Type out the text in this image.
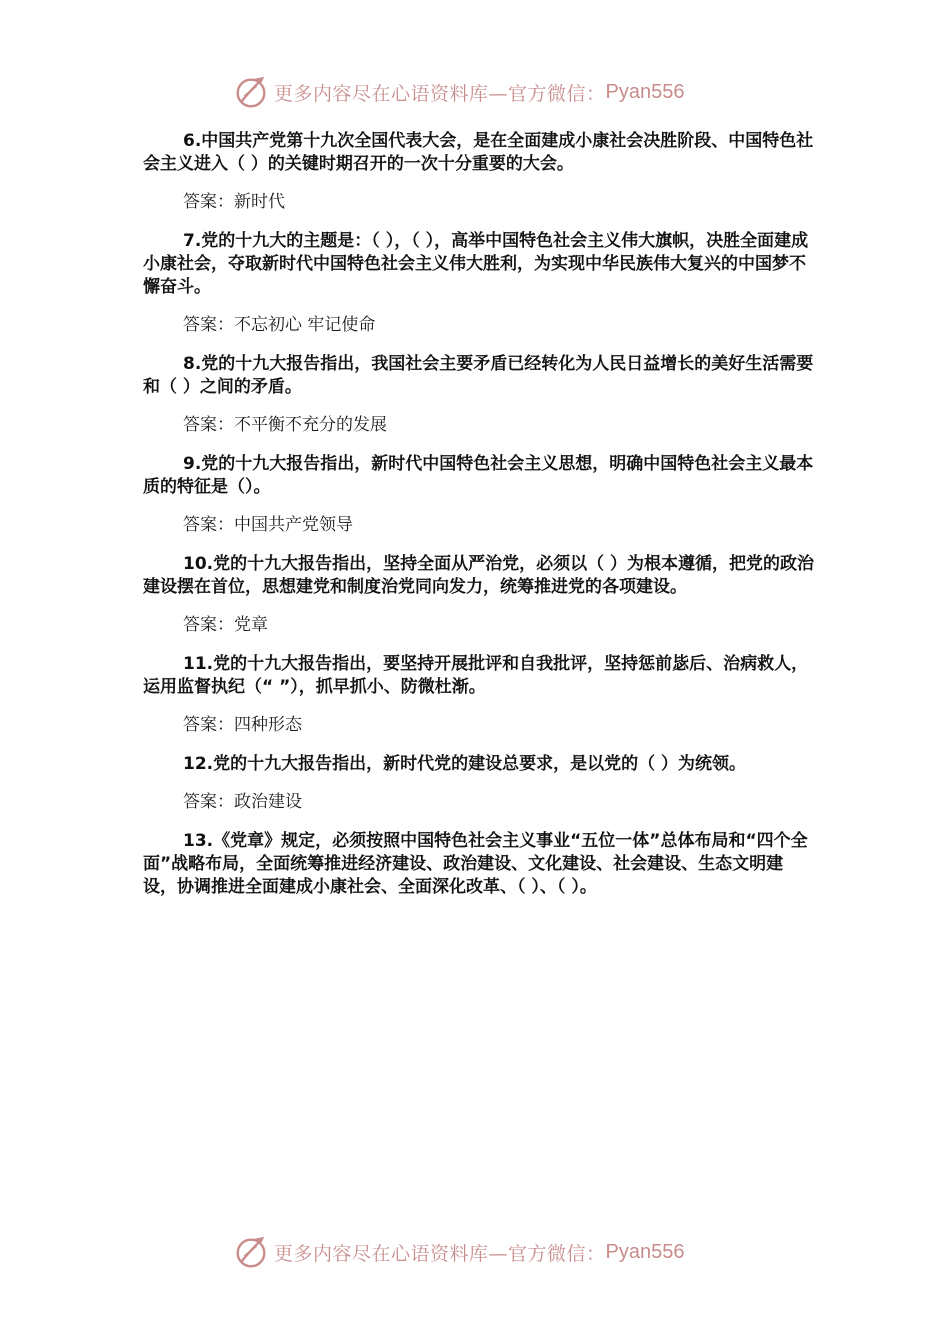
更多内容尽在心语资料库—官方微信： Pyan556

6.中国共产党第十九次全国代表大会，是在全面建成小康社会决胜阶段、中国特色社会主义进入（ ）的关键时期召开的一次十分重要的大会。

答案：新时代

7.党的十九大的主题是：（ ），（ ），高举中国特色社会主义伟大旗帜，决胜全面建成小康社会，夺取新时代中国特色社会主义伟大胜利，为实现中华民族伟大复兴的中国梦不懈奋斗。

答案：不忘初心 牢记使命

8.党的十九大报告指出，我国社会主要矛盾已经转化为人民日益增长的美好生活需要和（ ）之间的矛盾。

答案：不平衡不充分的发展

9.党的十九大报告指出，新时代中国特色社会主义思想，明确中国特色社会主义最本质的特征是（）。

答案：中国共产党领导

10.党的十九大报告指出，坚持全面从严治党，必须以（ ）为根本遵循，把党的政治建设摆在首位，思想建党和制度治党同向发力，统筹推进党的各项建设。

答案：党章

11.党的十九大报告指出，要坚持开展批评和自我批评，坚持惩前毖后、治病救人，运用监督执纪（“ ”），抓早抓小、防微杜渐。

答案：四种形态

12.党的十九大报告指出，新时代党的建设总要求，是以党的（ ）为统领。

答案：政治建设

13.《党章》规定，必须按照中国特色社会主义事业“五位一体”总体布局和“四个全面”战略布局，全面统筹推进经济建设、政治建设、文化建设、社会建设、生态文明建设，协调推进全面建成小康社会、全面深化改革、（ ）、（ ）。

更多内容尽在心语资料库—官方微信： Pyan556
